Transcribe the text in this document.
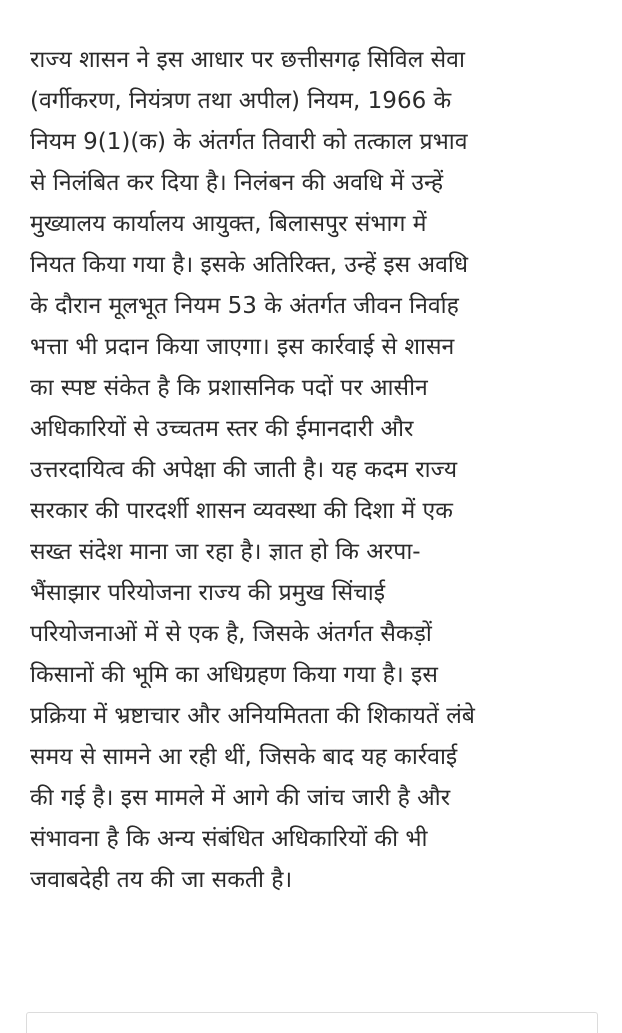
राज्य शासन ने इस आधार पर छत्तीसगढ़ सिविल सेवा
(वर्गीकरण, नियंत्रण तथा अपील) नियम, 1966 के
नियम 9(1)(क) के अंतर्गत तिवारी को तत्काल प्रभाव
से निलंबित कर दिया है। निलंबन की अवधि में उन्हें
मुख्यालय कार्यालय आयुक्त, बिलासपुर संभाग में
नियत किया गया है। इसके अतिरिक्त, उन्हें इस अवधि
के दौरान मूलभूत नियम 53 के अंतर्गत जीवन निर्वाह
भत्ता भी प्रदान किया जाएगा। इस कार्रवाई से शासन
का स्पष्ट संकेत है कि प्रशासनिक पदों पर आसीन
अधिकारियों से उच्चतम स्तर की ईमानदारी और
उत्तरदायित्व की अपेक्षा की जाती है। यह कदम राज्य
सरकार की पारदर्शी शासन व्यवस्था की दिशा में एक
सख्त संदेश माना जा रहा है। ज्ञात हो कि अरपा-
भैंसाझार परियोजना राज्य की प्रमुख सिंचाई
परियोजनाओं में से एक है, जिसके अंतर्गत सैकड़ों
किसानों की भूमि का अधिग्रहण किया गया है। इस
प्रक्रिया में भ्रष्टाचार और अनियमितता की शिकायतें लंबे
समय से सामने आ रही थीं, जिसके बाद यह कार्रवाई
की गई है। इस मामले में आगे की जांच जारी है और
संभावना है कि अन्य संबंधित अधिकारियों की भी
जवाबदेही तय की जा सकती है।
